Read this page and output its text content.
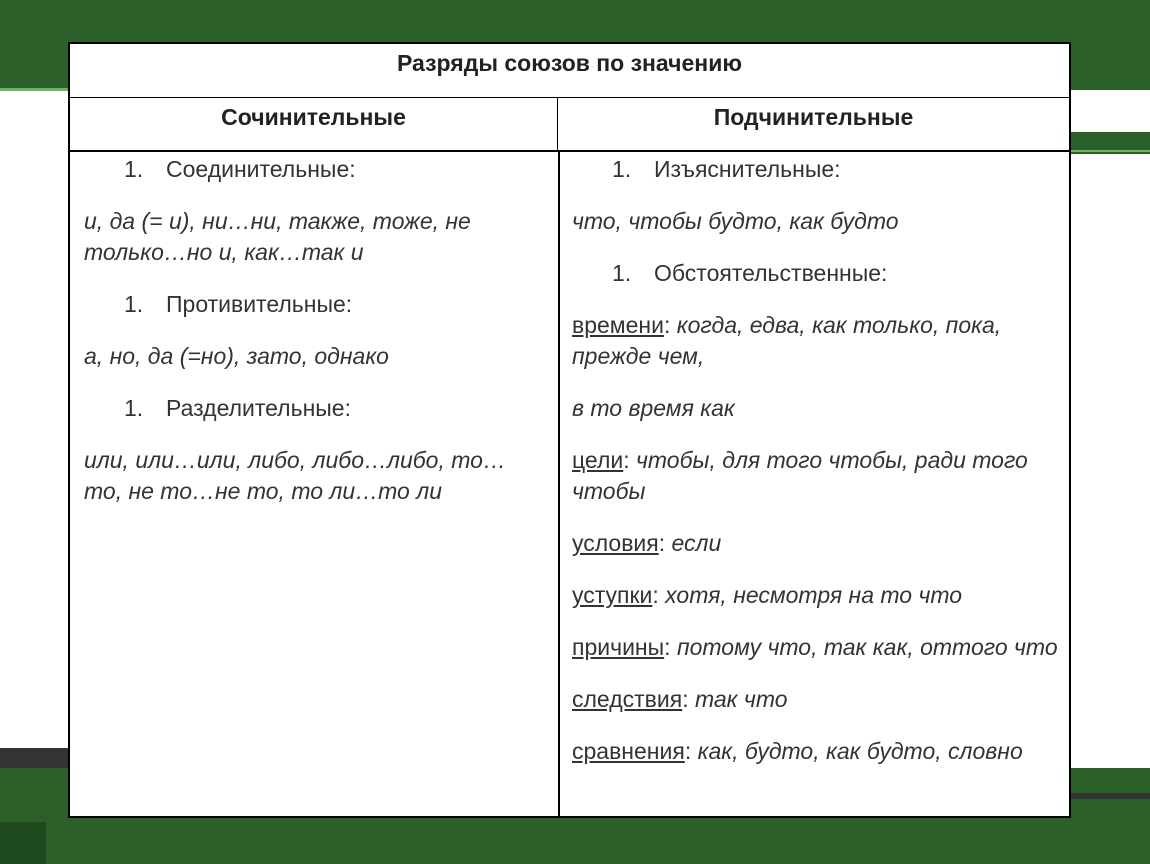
Разряды союзов по значению
Сочинительные	Подчинительные
1. Соединительные:
и, да (= и), ни…ни, также, тоже, не только…но и, как…так и
1. Противительные:
а, но, да (=но), зато, однако
1. Разделительные:
или, или…или, либо, либо…либо, то…то, не то…не то, то ли…то ли
1. Изъяснительные:
что, чтобы будто, как будто
1. Обстоятельственные:
времени: когда, едва, как только, пока, прежде чем,
в то время как
цели: чтобы, для того чтобы, ради того чтобы
условия: если
уступки: хотя, несмотря на то что
причины: потому что, так как, оттого что
следствия: так что
сравнения: как, будто, как будто, словно
